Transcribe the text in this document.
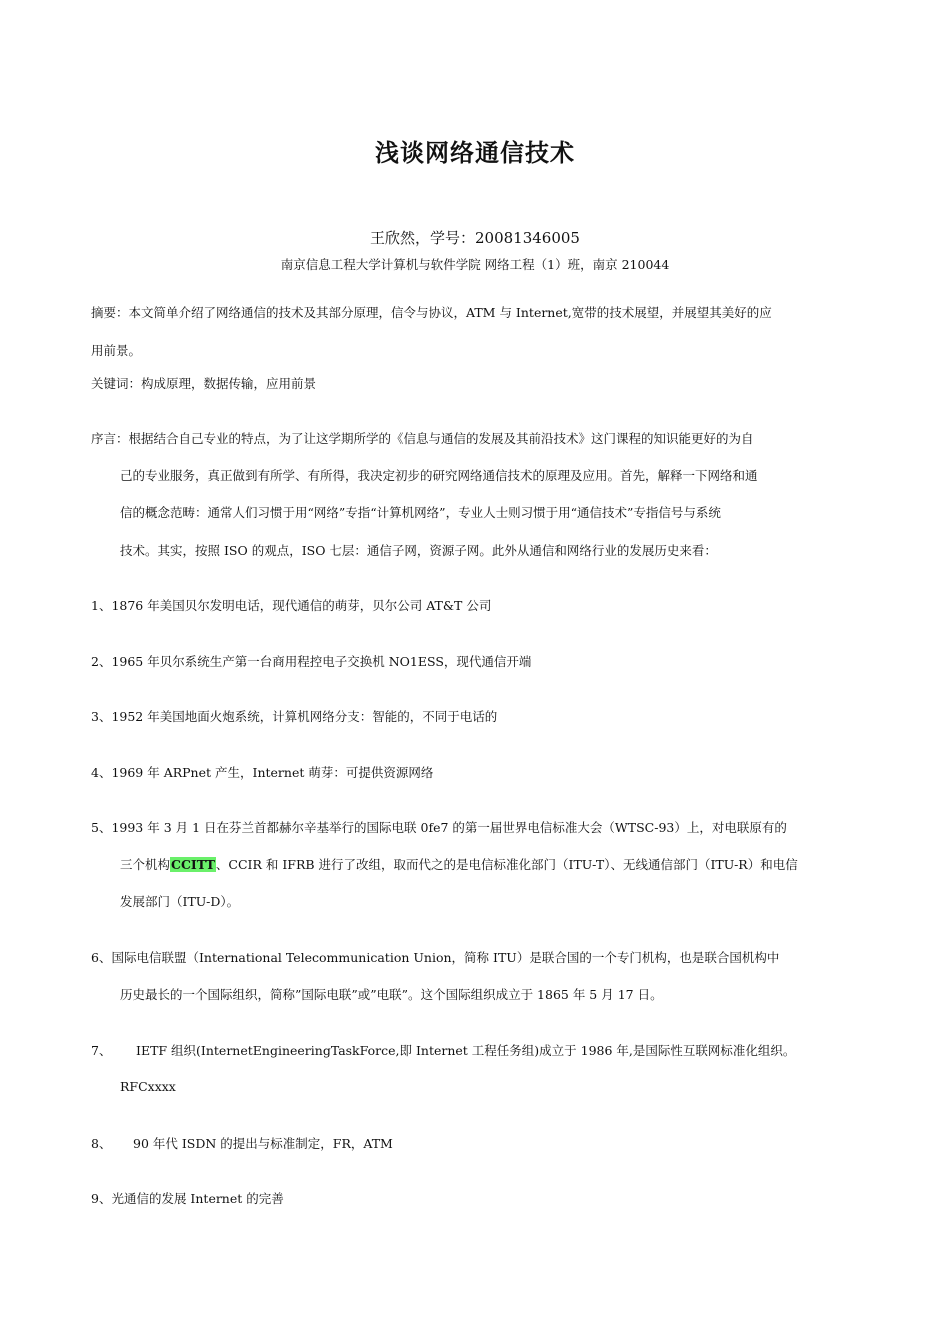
浅谈网络通信技术
王欣然，学号：20081346005
南京信息工程大学计算机与软件学院 网络工程（1）班，南京 210044
摘要：本文简单介绍了网络通信的技术及其部分原理，信令与协议，ATM 与 Internet,宽带的技术展望，并展望其美好的应
用前景。
关键词：构成原理，数据传输，应用前景
序言：根据结合自己专业的特点，为了让这学期所学的《信息与通信的发展及其前沿技术》这门课程的知识能更好的为自
己的专业服务，真正做到有所学、有所得，我决定初步的研究网络通信技术的原理及应用。首先，解释一下网络和通
信的概念范畴：通常人们习惯于用“网络”专指“计算机网络”，专业人士则习惯于用“通信技术”专指信号与系统
技术。其实，按照 ISO 的观点，ISO 七层：通信子网，资源子网。此外从通信和网络行业的发展历史来看：
1、1876 年美国贝尔发明电话，现代通信的萌芽，贝尔公司 AT&T 公司
2、1965 年贝尔系统生产第一台商用程控电子交换机 NO1ESS，现代通信开端
3、1952 年美国地面火炮系统，计算机网络分支：智能的，不同于电话的
4、1969 年 ARPnet 产生，Internet 萌芽：可提供资源网络
5、1993 年 3 月 1 日在芬兰首都赫尔辛基举行的国际电联 0fe7 的第一届世界电信标准大会（WTSC-93）上，对电联原有的
三个机构CCITT、CCIR 和 IFRB 进行了改组，取而代之的是电信标准化部门（ITU-T）、无线通信部门（ITU-R）和电信
发展部门（ITU-D）。
6、国际电信联盟（International Telecommunication Union，简称 ITU）是联合国的一个专门机构，也是联合国机构中
历史最长的一个国际组织，简称”国际电联”或”电联”。这个国际组织成立于 1865 年 5 月 17 日。
7、 IETF 组织(InternetEngineeringTaskForce,即 Internet 工程任务组)成立于 1986 年,是国际性互联网标准化组织。
RFCxxxx
8、 90 年代 ISDN 的提出与标准制定，FR，ATM
9、光通信的发展 Internet 的完善
